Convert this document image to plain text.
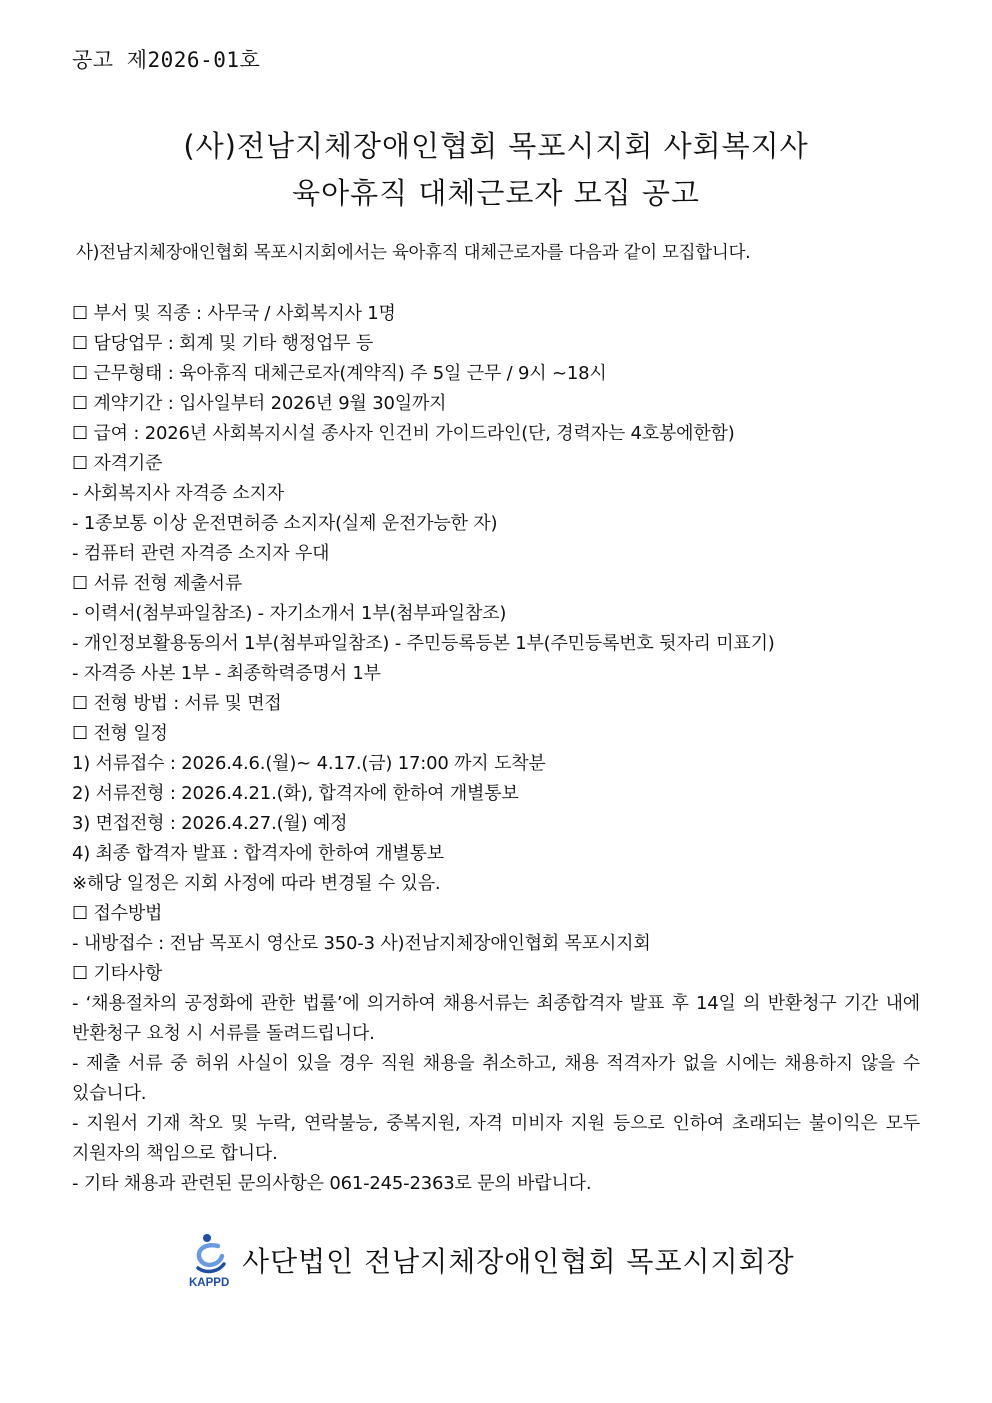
공고 제2026-01호
(사)전남지체장애인협회 목포시지회 사회복지사
육아휴직 대체근로자 모집 공고
사)전남지체장애인협회 목포시지회에서는 육아휴직 대체근로자를 다음과 같이 모집합니다.
☐ 부서 및 직종 : 사무국 / 사회복지사 1명
☐ 담당업무 : 회계 및 기타 행정업무 등
☐ 근무형태 : 육아휴직 대체근로자(계약직) 주 5일 근무 / 9시 ~18시
☐ 계약기간 : 입사일부터 2026년 9월 30일까지
☐ 급여 : 2026년 사회복지시설 종사자 인건비 가이드라인(단, 경력자는 4호봉에한함)
☐ 자격기준
- 사회복지사 자격증 소지자
- 1종보통 이상 운전면허증 소지자(실제 운전가능한 자)
- 컴퓨터 관련 자격증 소지자 우대
☐ 서류 전형 제출서류
- 이력서(첨부파일참조) - 자기소개서 1부(첨부파일참조)
- 개인정보활용동의서 1부(첨부파일참조) - 주민등록등본 1부(주민등록번호 뒷자리 미표기)
- 자격증 사본 1부 - 최종학력증명서 1부
☐ 전형 방법 : 서류 및 면접
☐ 전형 일정
1) 서류접수 : 2026.4.6.(월)~ 4.17.(금) 17:00 까지 도착분
2) 서류전형 : 2026.4.21.(화), 합격자에 한하여 개별통보
3) 면접전형 : 2026.4.27.(월) 예정
4) 최종 합격자 발표 : 합격자에 한하여 개별통보
※해당 일정은 지회 사정에 따라 변경될 수 있음.
☐ 접수방법
- 내방접수 : 전남 목포시 영산로 350-3 사)전남지체장애인협회 목포시지회
☐ 기타사항
- ‘채용절차의 공정화에 관한 법률’에 의거하여 채용서류는 최종합격자 발표 후 14일 의 반환청구 기간 내에 반환청구 요청 시 서류를 돌려드립니다.
- 제출 서류 중 허위 사실이 있을 경우 직원 채용을 취소하고, 채용 적격자가 없을 시에는 채용하지 않을 수 있습니다.
- 지원서 기재 착오 및 누락, 연락불능, 중복지원, 자격 미비자 지원 등으로 인하여 초래되는 불이익은 모두 지원자의 책임으로 합니다.
- 기타 채용과 관련된 문의사항은 061-245-2363로 문의 바랍니다.
KAPPD
사단법인 전남지체장애인협회 목포시지회장
